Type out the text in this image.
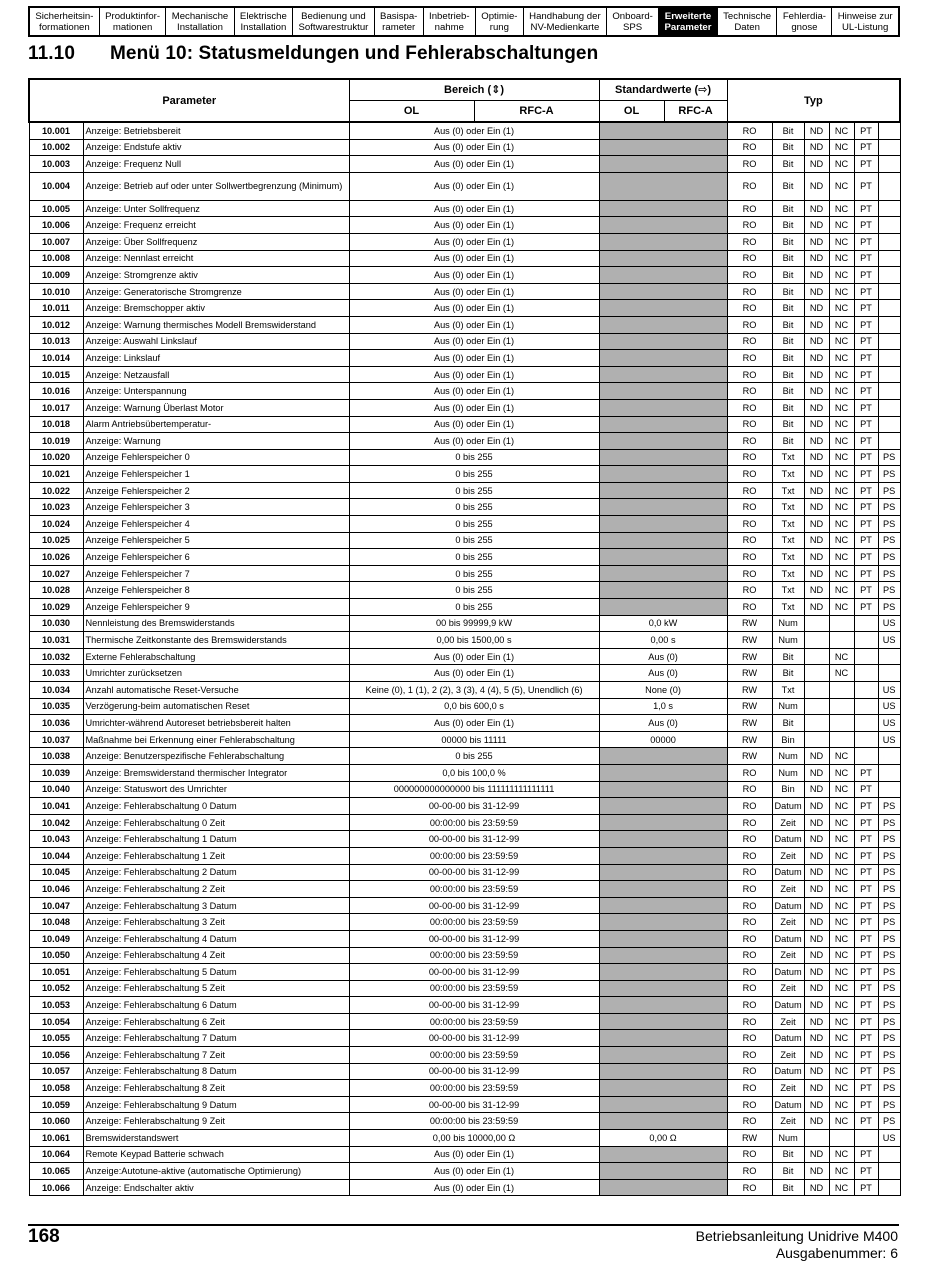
Sicherheitsin-
formationen
Produktinfor-
mationen
Mechanische
Installation
Elektrische
Installation
Bedienung und
Softwarestruktur
Basispa-
rameter
Inbetrieb-
nahme
Optimie-
rung
Handhabung der
NV-Medienkarte
Onboard-
SPS
Erweiterte
Parameter
Technische
Daten
Fehlerdia-
gnose
Hinweise zur
UL-Listung
11.10 Menü 10: Statusmeldungen und Fehlerabschaltungen
Parameter		Bereich (⇕)		Standardwerte (⇨)		Typ					
		OL	RFC-A	OL	RFC-A						
10.001	Anzeige: Betriebsbereit	Aus (0) oder Ein (1)				RO	Bit	ND	NC	PT	
10.002	Anzeige: Endstufe aktiv	Aus (0) oder Ein (1)				RO	Bit	ND	NC	PT	
10.003	Anzeige: Frequenz Null	Aus (0) oder Ein (1)				RO	Bit	ND	NC	PT	
10.004	Anzeige: Betrieb auf oder unter Sollwertbegrenzung (Minimum)	Aus (0) oder Ein (1)				RO	Bit	ND	NC	PT	
10.005	Anzeige: Unter Sollfrequenz	Aus (0) oder Ein (1)				RO	Bit	ND	NC	PT	
10.006	Anzeige: Frequenz erreicht	Aus (0) oder Ein (1)				RO	Bit	ND	NC	PT	
10.007	Anzeige: Über Sollfrequenz	Aus (0) oder Ein (1)				RO	Bit	ND	NC	PT	
10.008	Anzeige: Nennlast erreicht	Aus (0) oder Ein (1)				RO	Bit	ND	NC	PT	
10.009	Anzeige: Stromgrenze aktiv	Aus (0) oder Ein (1)				RO	Bit	ND	NC	PT	
10.010	Anzeige: Generatorische Stromgrenze	Aus (0) oder Ein (1)				RO	Bit	ND	NC	PT	
10.011	Anzeige: Bremschopper aktiv	Aus (0) oder Ein (1)				RO	Bit	ND	NC	PT	
10.012	Anzeige: Warnung thermisches Modell Bremswiderstand	Aus (0) oder Ein (1)				RO	Bit	ND	NC	PT	
10.013	Anzeige: Auswahl Linkslauf	Aus (0) oder Ein (1)				RO	Bit	ND	NC	PT	
10.014	Anzeige: Linkslauf	Aus (0) oder Ein (1)				RO	Bit	ND	NC	PT	
10.015	Anzeige: Netzausfall	Aus (0) oder Ein (1)				RO	Bit	ND	NC	PT	
10.016	Anzeige: Unterspannung	Aus (0) oder Ein (1)				RO	Bit	ND	NC	PT	
10.017	Anzeige: Warnung Überlast Motor	Aus (0) oder Ein (1)				RO	Bit	ND	NC	PT	
10.018	Alarm Antriebsübertemperatur-	Aus (0) oder Ein (1)				RO	Bit	ND	NC	PT	
10.019	Anzeige: Warnung	Aus (0) oder Ein (1)				RO	Bit	ND	NC	PT	
10.020	Anzeige Fehlerspeicher 0	0 bis 255				RO	Txt	ND	NC	PT	PS
10.021	Anzeige Fehlerspeicher 1	0 bis 255				RO	Txt	ND	NC	PT	PS
10.022	Anzeige Fehlerspeicher 2	0 bis 255				RO	Txt	ND	NC	PT	PS
10.023	Anzeige Fehlerspeicher 3	0 bis 255				RO	Txt	ND	NC	PT	PS
10.024	Anzeige Fehlerspeicher 4	0 bis 255				RO	Txt	ND	NC	PT	PS
10.025	Anzeige Fehlerspeicher 5	0 bis 255				RO	Txt	ND	NC	PT	PS
10.026	Anzeige Fehlerspeicher 6	0 bis 255				RO	Txt	ND	NC	PT	PS
10.027	Anzeige Fehlerspeicher 7	0 bis 255				RO	Txt	ND	NC	PT	PS
10.028	Anzeige Fehlerspeicher 8	0 bis 255				RO	Txt	ND	NC	PT	PS
10.029	Anzeige Fehlerspeicher 9	0 bis 255				RO	Txt	ND	NC	PT	PS
10.030	Nennleistung des Bremswiderstands	00 bis 99999,9 kW		0,0 kW		RW	Num				US
10.031	Thermische Zeitkonstante des Bremswiderstands	0,00 bis 1500,00 s		0,00 s		RW	Num				US
10.032	Externe Fehlerabschaltung	Aus (0) oder Ein (1)		Aus (0)		RW	Bit		NC		
10.033	Umrichter zurücksetzen	Aus (0) oder Ein (1)		Aus (0)		RW	Bit		NC		
10.034	Anzahl automatische Reset-Versuche	Keine (0), 1 (1), 2 (2), 3 (3), 4 (4), 5 (5), Unendlich (6)		None (0)		RW	Txt				US
10.035	Verzögerung-beim automatischen Reset	0,0 bis 600,0 s		1,0 s		RW	Num				US
10.036	Umrichter-während Autoreset betriebsbereit halten	Aus (0) oder Ein (1)		Aus (0)		RW	Bit				US
10.037	Maßnahme bei Erkennung einer Fehlerabschaltung	00000 bis 11111		00000		RW	Bin				US
10.038	Anzeige: Benutzerspezifische Fehlerabschaltung	0 bis 255				RW	Num	ND	NC		
10.039	Anzeige: Bremswiderstand thermischer Integrator	0,0 bis 100,0 %				RO	Num	ND	NC	PT	
10.040	Anzeige: Statuswort des Umrichter	000000000000000 bis 111111111111111				RO	Bin	ND	NC	PT	
10.041	Anzeige: Fehlerabschaltung 0 Datum	00-00-00 bis 31-12-99				RO	Datum	ND	NC	PT	PS
10.042	Anzeige: Fehlerabschaltung 0 Zeit	00:00:00 bis 23:59:59				RO	Zeit	ND	NC	PT	PS
10.043	Anzeige: Fehlerabschaltung 1 Datum	00-00-00 bis 31-12-99				RO	Datum	ND	NC	PT	PS
10.044	Anzeige: Fehlerabschaltung 1 Zeit	00:00:00 bis 23:59:59				RO	Zeit	ND	NC	PT	PS
10.045	Anzeige: Fehlerabschaltung 2 Datum	00-00-00 bis 31-12-99				RO	Datum	ND	NC	PT	PS
10.046	Anzeige: Fehlerabschaltung 2 Zeit	00:00:00 bis 23:59:59				RO	Zeit	ND	NC	PT	PS
10.047	Anzeige: Fehlerabschaltung 3 Datum	00-00-00 bis 31-12-99				RO	Datum	ND	NC	PT	PS
10.048	Anzeige: Fehlerabschaltung 3 Zeit	00:00:00 bis 23:59:59				RO	Zeit	ND	NC	PT	PS
10.049	Anzeige: Fehlerabschaltung 4 Datum	00-00-00 bis 31-12-99				RO	Datum	ND	NC	PT	PS
10.050	Anzeige: Fehlerabschaltung 4 Zeit	00:00:00 bis 23:59:59				RO	Zeit	ND	NC	PT	PS
10.051	Anzeige: Fehlerabschaltung 5 Datum	00-00-00 bis 31-12-99				RO	Datum	ND	NC	PT	PS
10.052	Anzeige: Fehlerabschaltung 5 Zeit	00:00:00 bis 23:59:59				RO	Zeit	ND	NC	PT	PS
10.053	Anzeige: Fehlerabschaltung 6 Datum	00-00-00 bis 31-12-99				RO	Datum	ND	NC	PT	PS
10.054	Anzeige: Fehlerabschaltung 6 Zeit	00:00:00 bis 23:59:59				RO	Zeit	ND	NC	PT	PS
10.055	Anzeige: Fehlerabschaltung 7 Datum	00-00-00 bis 31-12-99				RO	Datum	ND	NC	PT	PS
10.056	Anzeige: Fehlerabschaltung 7 Zeit	00:00:00 bis 23:59:59				RO	Zeit	ND	NC	PT	PS
10.057	Anzeige: Fehlerabschaltung 8 Datum	00-00-00 bis 31-12-99				RO	Datum	ND	NC	PT	PS
10.058	Anzeige: Fehlerabschaltung 8 Zeit	00:00:00 bis 23:59:59				RO	Zeit	ND	NC	PT	PS
10.059	Anzeige: Fehlerabschaltung 9 Datum	00-00-00 bis 31-12-99				RO	Datum	ND	NC	PT	PS
10.060	Anzeige: Fehlerabschaltung 9 Zeit	00:00:00 bis 23:59:59				RO	Zeit	ND	NC	PT	PS
10.061	Bremswiderstandswert	0,00 bis 10000,00 Ω		0,00 Ω		RW	Num				US
10.064	Remote Keypad Batterie schwach	Aus (0) oder Ein (1)				RO	Bit	ND	NC	PT	
10.065	Anzeige:Autotune-aktive (automatische Optimierung)	Aus (0) oder Ein (1)				RO	Bit	ND	NC	PT	
10.066	Anzeige: Endschalter aktiv	Aus (0) oder Ein (1)				RO	Bit	ND	NC	PT	
168	Betriebsanleitung Unidrive M400
Ausgabenummer: 6
